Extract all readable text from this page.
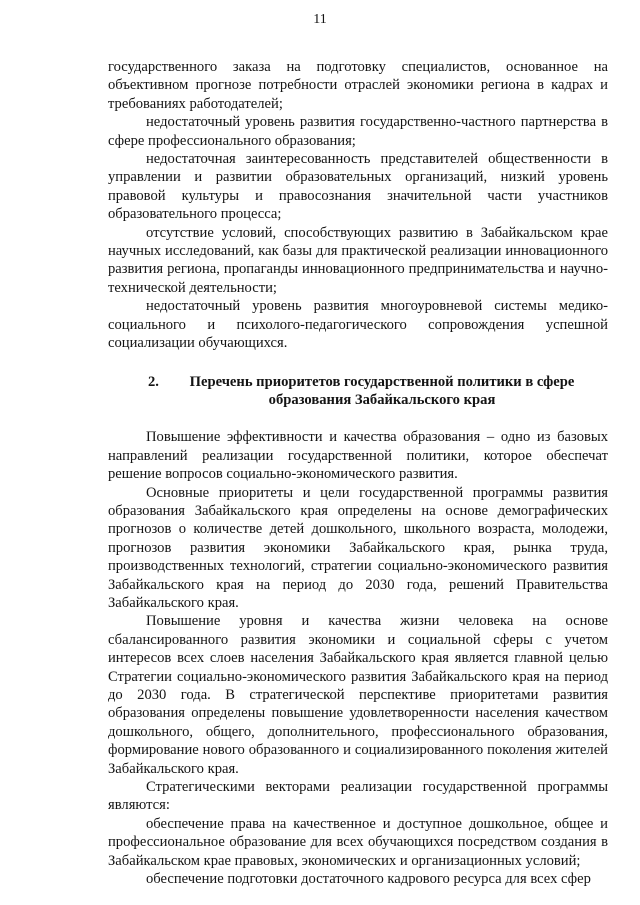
11

государственного заказа на подготовку специалистов, основанное на объективном прогнозе потребности отраслей экономики региона в кадрах и требованиях работодателей;

недостаточный уровень развития государственно-частного партнерства в сфере профессионального образования;

недостаточная заинтересованность представителей общественности в управлении и развитии образовательных организаций, низкий уровень правовой культуры и правосознания значительной части участников образовательного процесса;

отсутствие условий, способствующих развитию в Забайкальском крае научных исследований, как базы для практической реализации инновационного развития региона, пропаганды инновационного предпринимательства и научно-технической деятельности;

недостаточный уровень развития многоуровневой системы медико-социального и психолого-педагогического сопровождения успешной социализации обучающихся.

2.	Перечень приоритетов государственной политики в сфере образования Забайкальского края

Повышение эффективности и качества образования – одно из базовых направлений реализации государственной политики, которое обеспечат решение вопросов социально-экономического развития.

Основные приоритеты и цели государственной программы развития образования Забайкальского края определены на основе демографических прогнозов о количестве детей дошкольного, школьного возраста, молодежи, прогнозов развития экономики Забайкальского края, рынка труда, производственных технологий, стратегии социально-экономического развития Забайкальского края на период до 2030 года, решений Правительства Забайкальского края.

Повышение уровня и качества жизни человека на основе сбалансированного развития экономики и социальной сферы с учетом интересов всех слоев населения Забайкальского края является главной целью Стратегии социально-экономического развития Забайкальского края на период до 2030 года. В стратегической перспективе приоритетами развития образования определены повышение удовлетворенности населения качеством дошкольного, общего, дополнительного, профессионального образования, формирование нового образованного и социализированного поколения жителей Забайкальского края.

Стратегическими векторами реализации государственной программы являются:

обеспечение права на качественное и доступное дошкольное, общее и профессиональное образование для всех обучающихся посредством создания в Забайкальском крае правовых, экономических и организационных условий;

обеспечение подготовки достаточного кадрового ресурса для всех сфер
